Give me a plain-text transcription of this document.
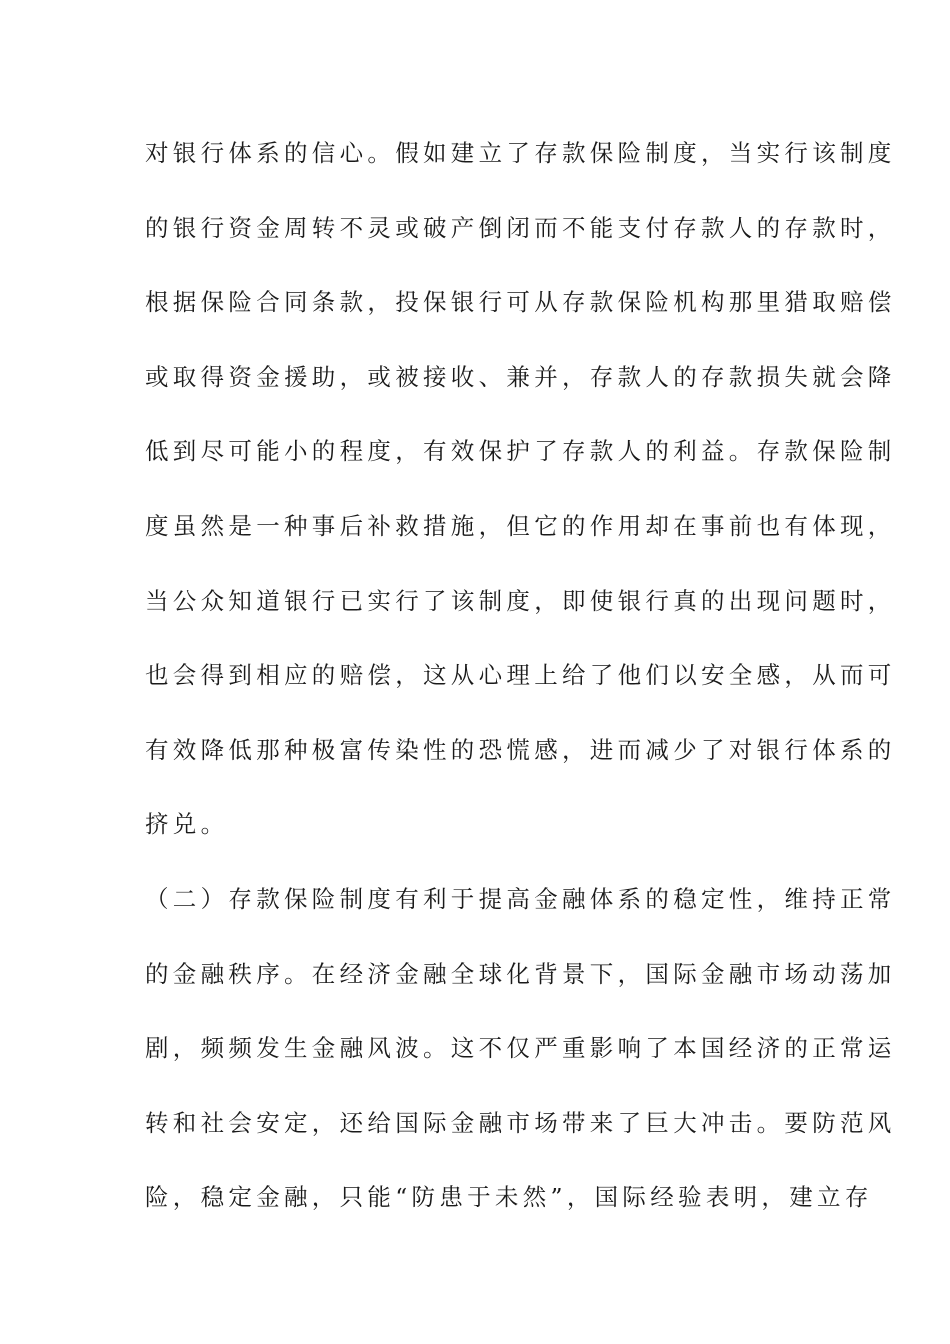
对银行体系的信心。假如建立了存款保险制度，当实行该制度
的银行资金周转不灵或破产倒闭而不能支付存款人的存款时，
根据保险合同条款，投保银行可从存款保险机构那里猎取赔偿
或取得资金援助，或被接收、兼并，存款人的存款损失就会降
低到尽可能小的程度，有效保护了存款人的利益。存款保险制
度虽然是一种事后补救措施，但它的作用却在事前也有体现，
当公众知道银行已实行了该制度，即使银行真的出现问题时，
也会得到相应的赔偿，这从心理上给了他们以安全感，从而可
有效降低那种极富传染性的恐慌感，进而减少了对银行体系的
挤兑。
（二）存款保险制度有利于提高金融体系的稳定性，维持正常
的金融秩序。在经济金融全球化背景下，国际金融市场动荡加
剧，频频发生金融风波。这不仅严重影响了本国经济的正常运
转和社会安定，还给国际金融市场带来了巨大冲击。要防范风
险，稳定金融，只能“防患于未然”，国际经验表明，建立存
